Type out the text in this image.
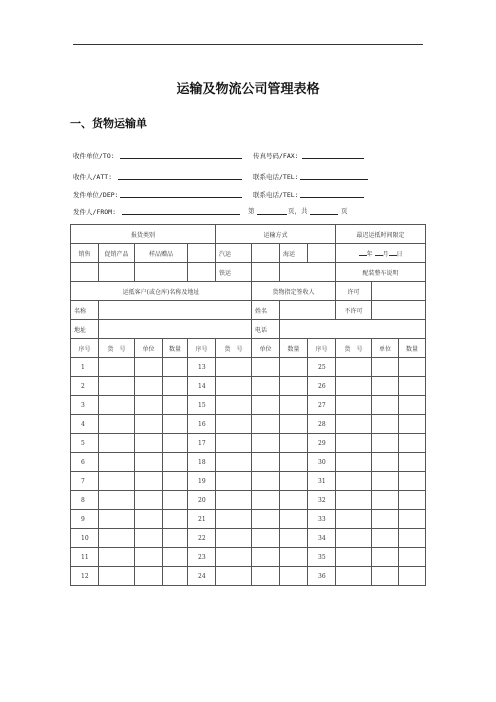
运输及物流公司管理表格
一、货物运输单
收件单位/TO:	传真号码/FAX:
收件人/ATT:	联系电话/TEL:
发件单位/DEP:	联系电话/TEL:
发件人/FROM:	第	页，共	页
报货类别					运输方式				最迟运抵时间限定		
销售	促销产品	样品赠品			汽运		海运		年 月 日		
					铁运				配装整车说明		
运抵客户(或仓库)名称及地址						货物指定签收人			许可		
名称						姓名			不许可		
地址						电话					
序号	货　号	单位	数量	序号	货　号	单位	数量	序号	货　号	单位	数量
1				13				25			
2				14				26			
3				15				27			
4				16				28			
5				17				29			
6				18				30			
7				19				31			
8				20				32			
9				21				33			
10				22				34			
11				23				35			
12				24				36			
